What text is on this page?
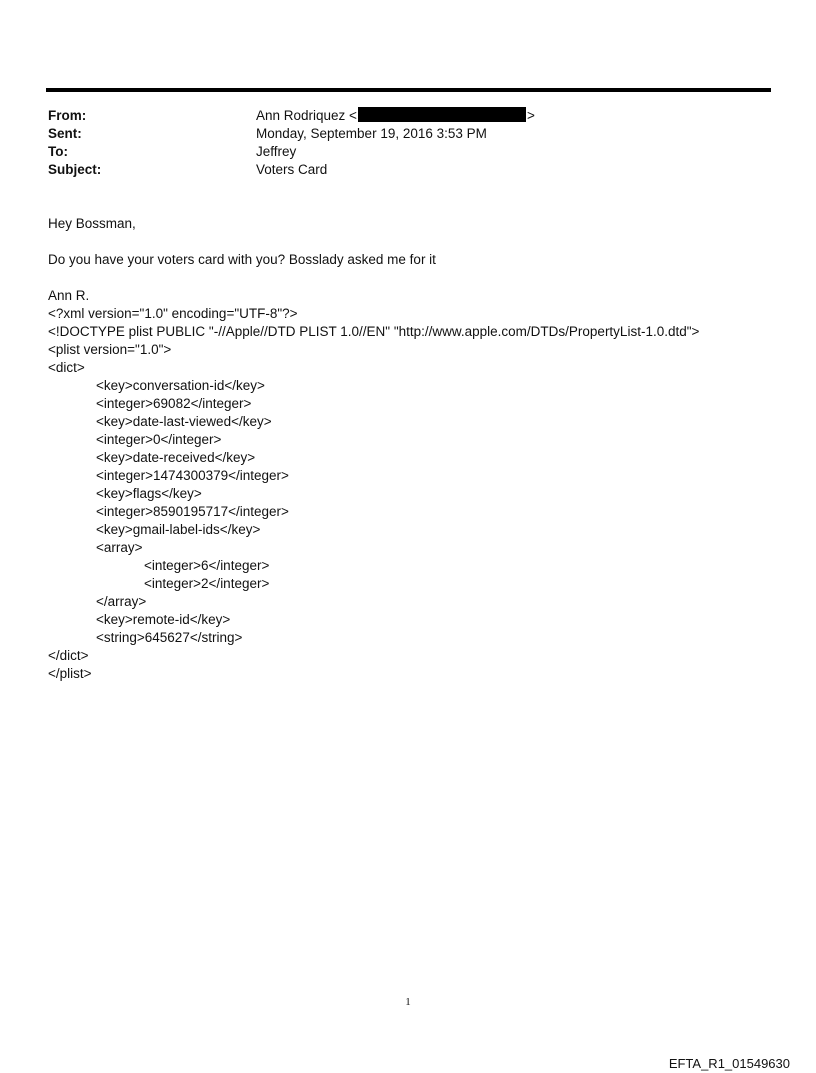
From:	Ann Rodriquez <	>
Sent:	Monday, September 19, 2016 3:53 PM
To:	Jeffrey
Subject:	Voters Card
Hey Bossman,
Do you have your voters card with you? Bosslady asked me for it
Ann R.
<?xml version="1.0" encoding="UTF-8"?>
<!DOCTYPE plist PUBLIC "-//Apple//DTD PLIST 1.0//EN" "http://www.apple.com/DTDs/PropertyList-1.0.dtd">
<plist version="1.0">
<dict>
<key>conversation-id</key>
<integer>69082</integer>
<key>date-last-viewed</key>
<integer>0</integer>
<key>date-received</key>
<integer>1474300379</integer>
<key>flags</key>
<integer>8590195717</integer>
<key>gmail-label-ids</key>
<array>
<integer>6</integer>
<integer>2</integer>
</array>
<key>remote-id</key>
<string>645627</string>
</dict>
</plist>
1
EFTA_R1_01549630
